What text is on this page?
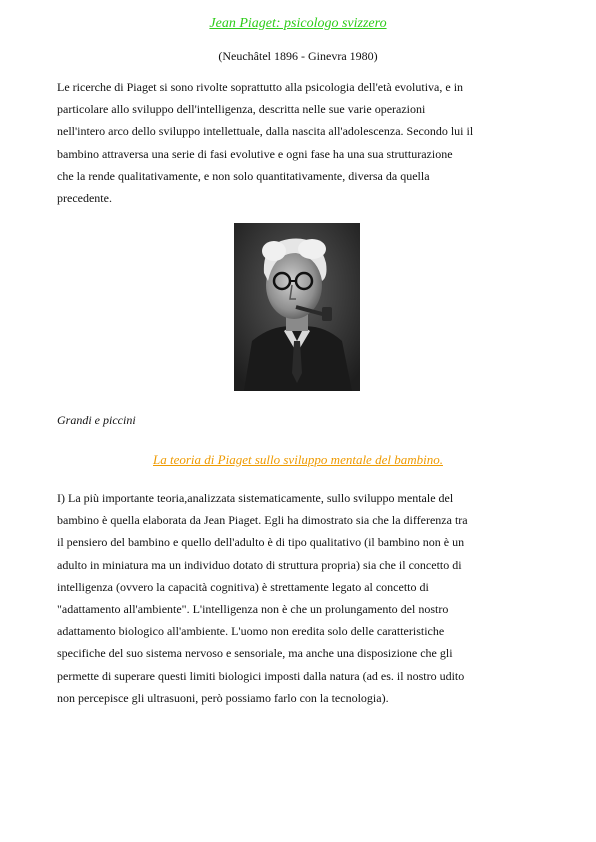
Jean Piaget: psicologo svizzero
(Neuchâtel 1896 - Ginevra 1980)

Le ricerche di Piaget si sono rivolte soprattutto alla psicologia dell'età evolutiva, e in
particolare allo sviluppo dell'intelligenza, descritta nelle sue varie operazioni
nell'intero arco dello sviluppo intellettuale, dalla nascita all'adolescenza. Secondo lui il
bambino attraversa una serie di fasi evolutive e ogni fase ha una sua strutturazione
che la rende qualitativamente, e non solo quantitativamente, diversa da quella
precedente.

Grandi e piccini
La teoria di Piaget sullo sviluppo mentale del bambino.

I) La più importante teoria,analizzata sistematicamente, sullo sviluppo mentale del
bambino è quella elaborata da Jean Piaget. Egli ha dimostrato sia che la differenza tra
il pensiero del bambino e quello dell'adulto è di tipo qualitativo (il bambino non è un
adulto in miniatura ma un individuo dotato di struttura propria) sia che il concetto di
intelligenza (ovvero la capacità cognitiva) è strettamente legato al concetto di
"adattamento all'ambiente". L'intelligenza non è che un prolungamento del nostro
adattamento biologico all'ambiente. L'uomo non eredita solo delle caratteristiche
specifiche del suo sistema nervoso e sensoriale, ma anche una disposizione che gli
permette di superare questi limiti biologici imposti dalla natura (ad es. il nostro udito
non percepisce gli ultrasuoni, però possiamo farlo con la tecnologia).
